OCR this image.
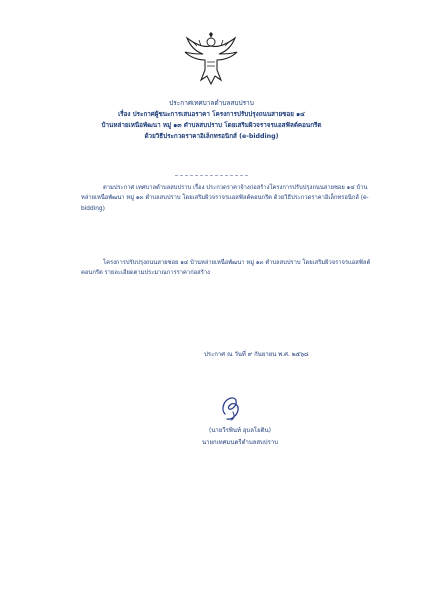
ประกาศเทศบาลตำบลสบปราบ
เรื่อง ประกาศผู้ชนะการเสนอราคา โครงการปรับปรุงถนนสายซอย ๑๔
บ้านหล่ายเหนือพัฒนา หมู่ ๑๓ ตำบลสบปราบ โดยเสริมผิวจราจรแอสฟัลต์คอนกรีต
ด้วยวิธีประกวดราคาอิเล็กทรอนิกส์ (e-bidding)
ตามประกาศ เทศบาลตำบลสบปราบ เรื่อง ประกวดราคาจ้างก่อสร้างโครงการปรับปรุงถนนสายซอย ๑๔ บ้านหล่ายเหนือพัฒนา หมู่ ๑๓ ตำบลสบปราบ โดยเสริมผิวจราจรแอสฟัลต์คอนกรีต ด้วยวิธีประกวดราคาอิเล็กทรอนิกส์ (e-bidding)
โครงการปรับปรุงถนนสายซอย ๑๔ บ้านหล่ายเหนือพัฒนา หมู่ ๑๓ ตำบลสบปราบ โดยเสริมผิวจราจรแอสฟัลต์คอนกรีต รายละเอียดตามประมาณการราคาก่อสร้าง
ประกาศ ณ วันที่ ๙ กันยายน พ.ศ. ๒๕๖๘
(นายวีรพินท์ อุบลโยติน)
นายกเทศมนตรีตำบลสบปราบ
